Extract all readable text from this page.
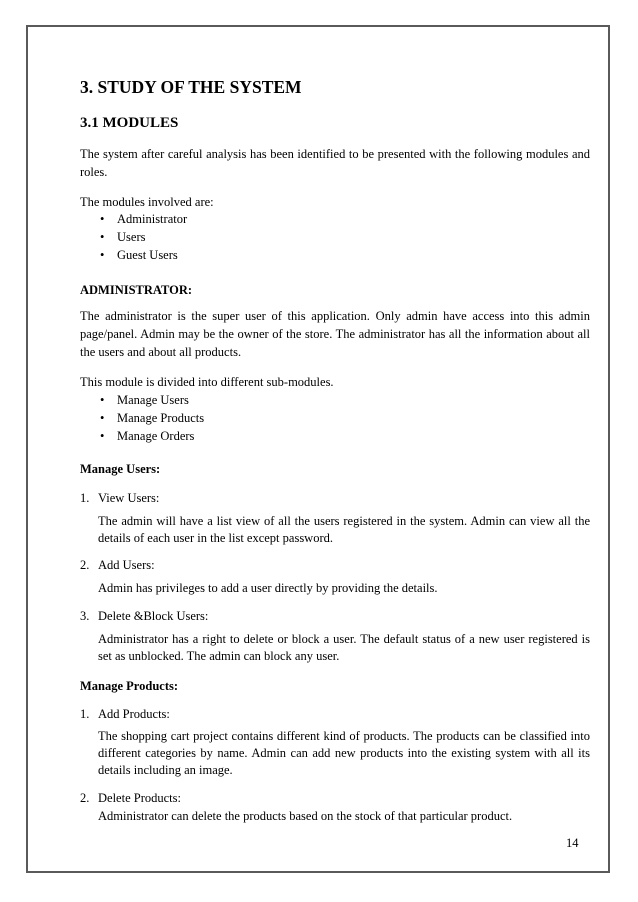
3. STUDY OF THE SYSTEM
3.1 MODULES
The system after careful analysis has been identified to be presented with the following modules and roles.
The modules involved are:
• Administrator
• Users
• Guest Users
ADMINISTRATOR:
The administrator is the super user of this application. Only admin have access into this admin page/panel. Admin may be the owner of the store. The administrator has all the information about all the users and about all products.
This module is divided into different sub-modules.
• Manage Users
• Manage Products
• Manage Orders
Manage Users:
1. View Users:
The admin will have a list view of all the users registered in the system. Admin can view all the details of each user in the list except password.
2. Add Users:
Admin has privileges to add a user directly by providing the details.
3. Delete &Block Users:
Administrator has a right to delete or block a user. The default status of a new user registered is set as unblocked. The admin can block any user.
Manage Products:
1. Add Products:
The shopping cart project contains different kind of products. The products can be classified into different categories by name. Admin can add new products into the existing system with all its details including an image.
2. Delete Products:
Administrator can delete the products based on the stock of that particular product.
14
